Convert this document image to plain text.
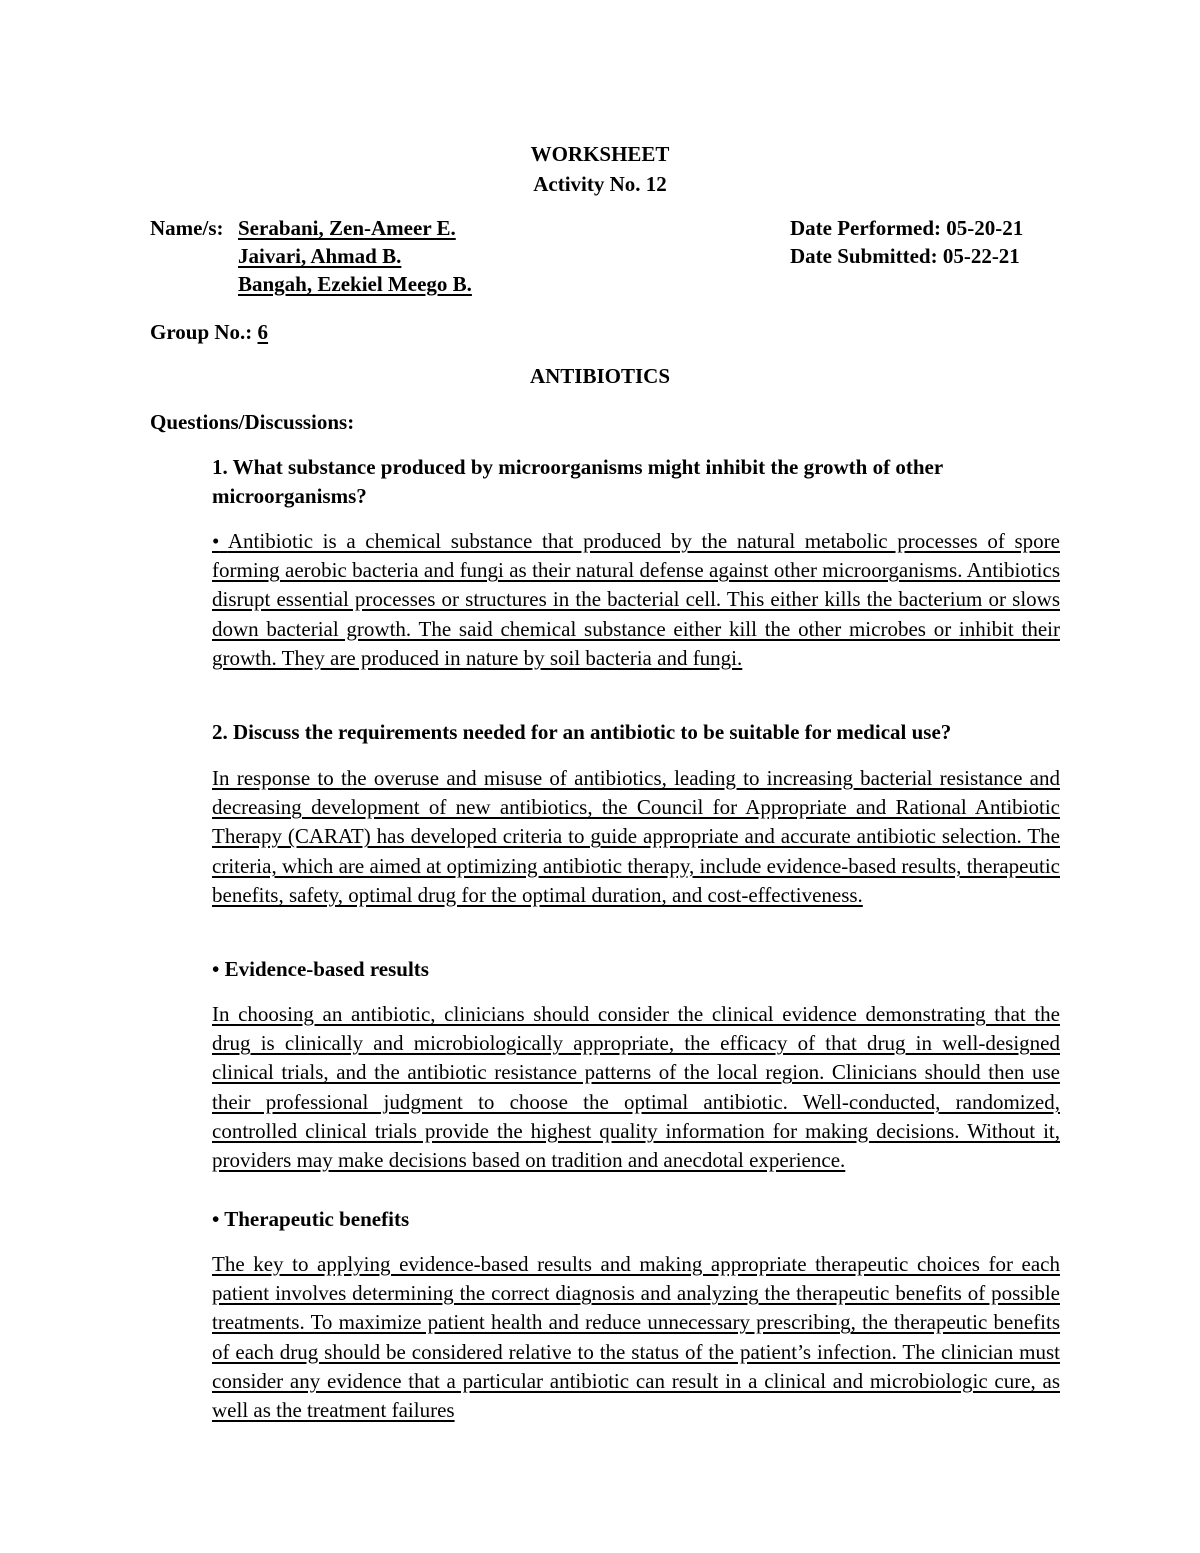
WORKSHEET
Activity No. 12
Name/s: Serabani, Zen-Ameer E.
Jaivari, Ahmad B.
Bangah, Ezekiel Meego B.
Date Performed: 05-20-21
Date Submitted: 05-22-21
Group No.: 6
ANTIBIOTICS
Questions/Discussions:
1. What substance produced by microorganisms might inhibit the growth of other microorganisms?
• Antibiotic is a chemical substance that produced by the natural metabolic processes of spore forming aerobic bacteria and fungi as their natural defense against other microorganisms. Antibiotics disrupt essential processes or structures in the bacterial cell. This either kills the bacterium or slows down bacterial growth. The said chemical substance either kill the other microbes or inhibit their growth. They are produced in nature by soil bacteria and fungi.
2. Discuss the requirements needed for an antibiotic to be suitable for medical use?
In response to the overuse and misuse of antibiotics, leading to increasing bacterial resistance and decreasing development of new antibiotics, the Council for Appropriate and Rational Antibiotic Therapy (CARAT) has developed criteria to guide appropriate and accurate antibiotic selection. The criteria, which are aimed at optimizing antibiotic therapy, include evidence-based results, therapeutic benefits, safety, optimal drug for the optimal duration, and cost-effectiveness.
• Evidence-based results
In choosing an antibiotic, clinicians should consider the clinical evidence demonstrating that the drug is clinically and microbiologically appropriate, the efficacy of that drug in well-designed clinical trials, and the antibiotic resistance patterns of the local region. Clinicians should then use their professional judgment to choose the optimal antibiotic. Well-conducted, randomized, controlled clinical trials provide the highest quality information for making decisions. Without it, providers may make decisions based on tradition and anecdotal experience.
• Therapeutic benefits
The key to applying evidence-based results and making appropriate therapeutic choices for each patient involves determining the correct diagnosis and analyzing the therapeutic benefits of possible treatments. To maximize patient health and reduce unnecessary prescribing, the therapeutic benefits of each drug should be considered relative to the status of the patient’s infection. The clinician must consider any evidence that a particular antibiotic can result in a clinical and microbiologic cure, as well as the treatment failures
